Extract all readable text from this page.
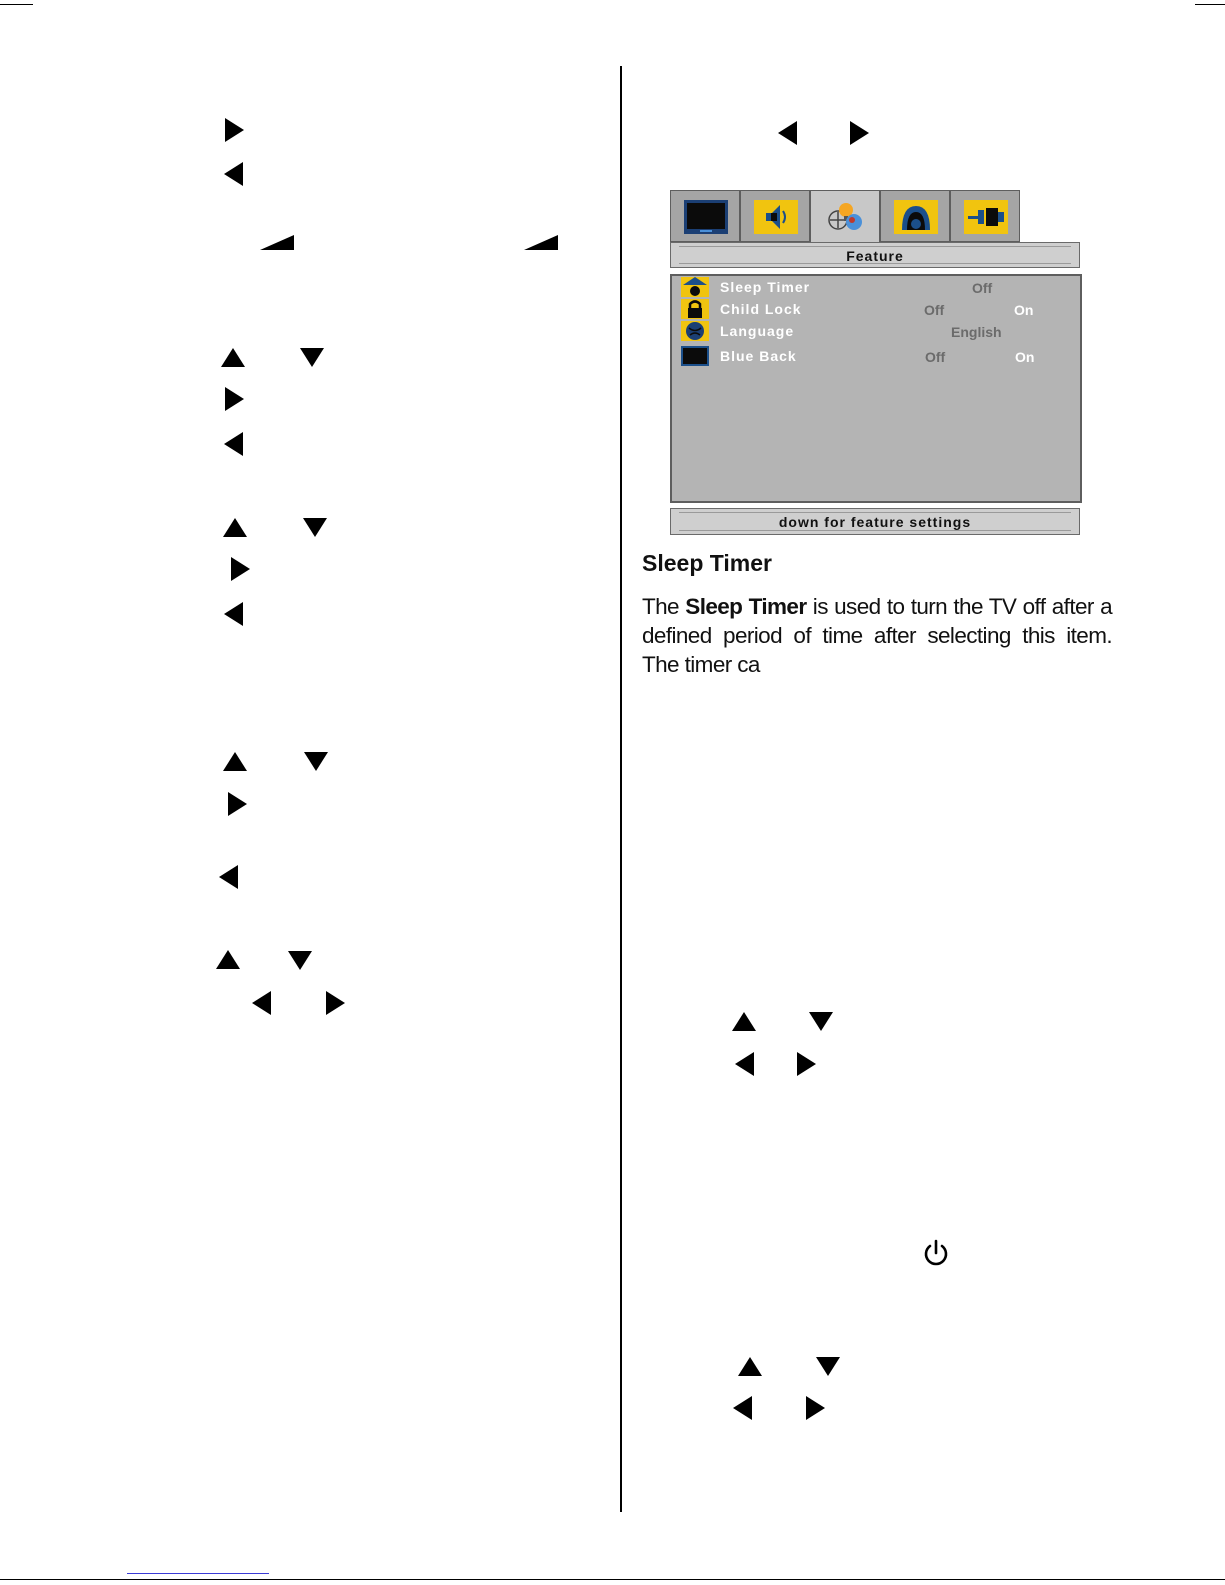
Feature
Sleep Timer	Off
Child Lock	Off	On
Language	English
Blue Back	Off	On
down for feature settings
Sleep Timer

The Sleep Timer is used to turn the TV off after a defined period of time after selecting this item. The timer ca
